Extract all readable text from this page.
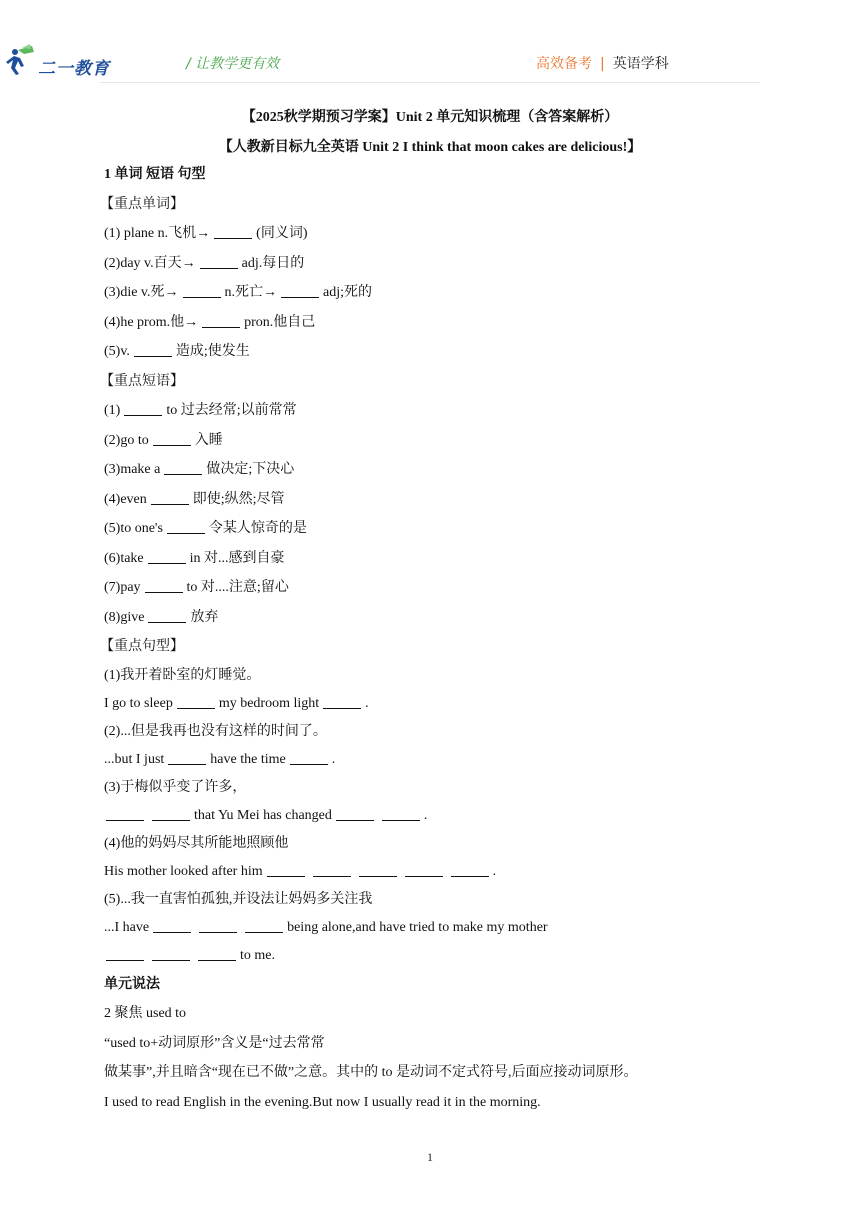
二一教育	/ 让教学更有效	高效备考 | 英语学科
【2025秋学期预习学案】Unit 2 单元知识梳理（含答案解析）
【人教新目标九全英语 Unit 2 I think that moon cakes are delicious!】
1 单词 短语 句型
【重点单词】
(1) plane n.飞机→	(同义词)
(2)day v.百天→	adj.每日的
(3)die v.死→	n.死亡→	adj;死的
(4)he prom.他→	pron.他自己
(5)v.	造成;使发生
【重点短语】
(1)	to 过去经常;以前常常
(2)go to	入睡
(3)make a	做决定;下决心
(4)even	即使;纵然;尽管
(5)to one's	令某人惊奇的是
(6)take	in 对...感到自豪
(7)pay	to 对....注意;留心
(8)give	放弃
【重点句型】
(1)我开着卧室的灯睡觉。
I go to sleep	my bedroom light	.
(2)...但是我再也没有这样的时间了。
...but I just	have the time	.
(3)于梅似乎变了许多，
that Yu Mei has changed	.
(4)他的妈妈尽其所能地照顾他
His mother looked after him	.
(5)...我一直害怕孤独,并设法让妈妈多关注我
...I have	being alone,and have tried to make my mother
to me.
单元说法
2 聚焦 used to
“used to+动词原形”含义是“过去常常
做某事”,并且暗含“现在已不做”之意。其中的 to 是动词不定式符号,后面应接动词原形。
I used to read English in the evening.But now I usually read it in the morning.
1
